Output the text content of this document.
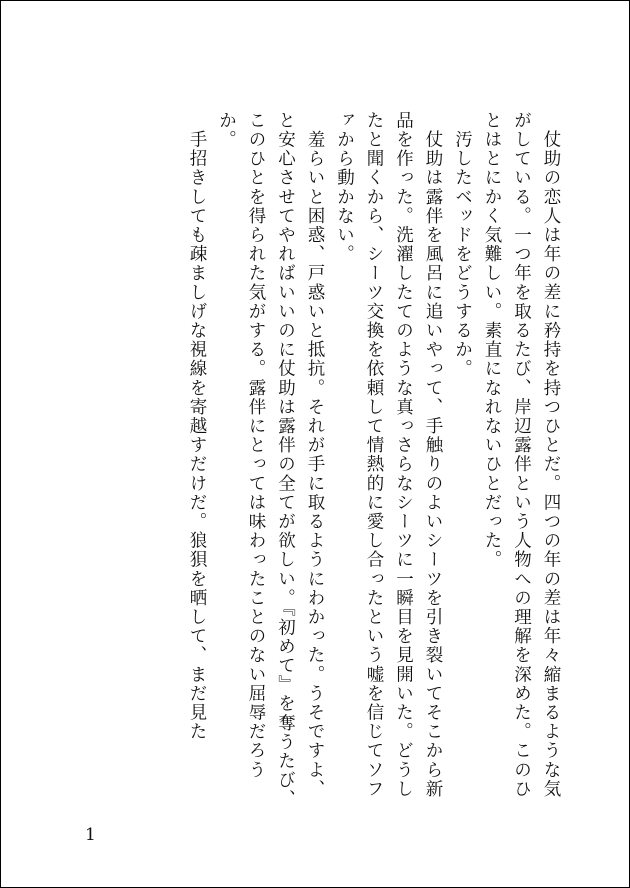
　仗助の恋人は年の差に矜持を持つひとだ。四つの年の差は年々縮まるような気がしている。一つ年を取るたび、岸辺露伴という人物への理解を深めた。このひとはとにかく気難しい。素直になれないひとだった。

　汚したベッドをどうするか。

　仗助は露伴を風呂に追いやって、手触りのよいシーツを引き裂いてそこから新品を作った。洗濯したてのような真っさらなシーツに一瞬目を見開いた。どうしたと聞くから、シーツ交換を依頼して情熱的に愛し合ったという嘘を信じてソファから動かない。

　羞らいと困惑、戸惑いと抵抗。それが手に取るようにわかった。うそですよ、と安心させてやればいいのに仗助は露伴の全てが欲しい。『初めて』を奪うたび、このひとを得られた気がする。露伴にとっては味わったことのない屈辱だろうか。

　手招きしても疎ましげな視線を寄越すだけだ。狼狽を晒して、まだ見た

1
